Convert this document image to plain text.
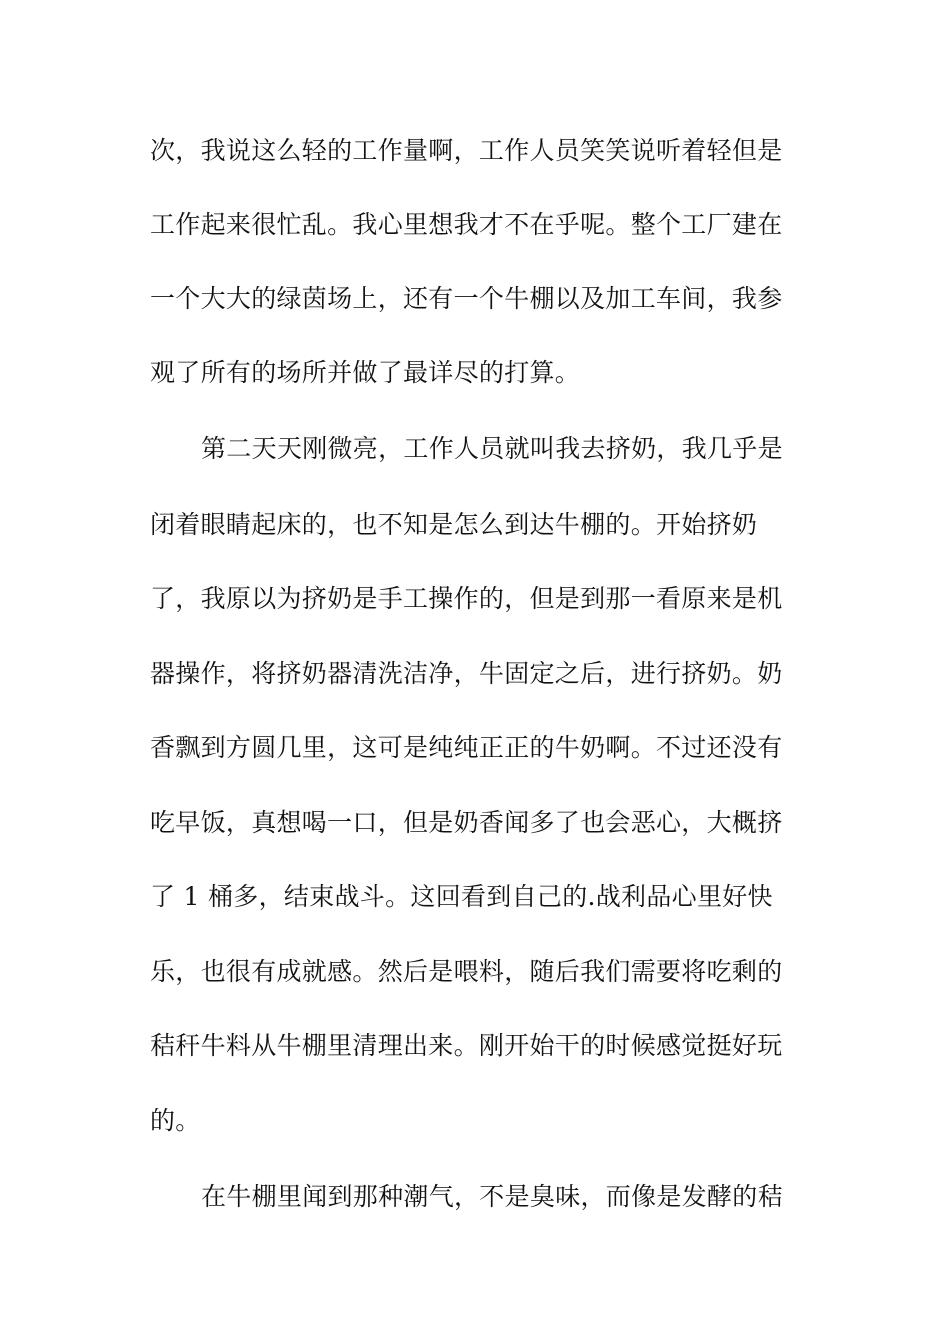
次，我说这么轻的工作量啊，工作人员笑笑说听着轻但是
工作起来很忙乱。我心里想我才不在乎呢。整个工厂建在
一个大大的绿茵场上，还有一个牛棚以及加工车间，我参
观了所有的场所并做了最详尽的打算。
第二天天刚微亮，工作人员就叫我去挤奶，我几乎是
闭着眼睛起床的，也不知是怎么到达牛棚的。开始挤奶
了，我原以为挤奶是手工操作的，但是到那一看原来是机
器操作，将挤奶器清洗洁净，牛固定之后，进行挤奶。奶
香飘到方圆几里，这可是纯纯正正的牛奶啊。不过还没有
吃早饭，真想喝一口，但是奶香闻多了也会恶心，大概挤
了 1 桶多，结束战斗。这回看到自己的.战利品心里好快
乐，也很有成就感。然后是喂料，随后我们需要将吃剩的
秸秆牛料从牛棚里清理出来。刚开始干的时候感觉挺好玩
的。
在牛棚里闻到那种潮气，不是臭味，而像是发酵的秸
